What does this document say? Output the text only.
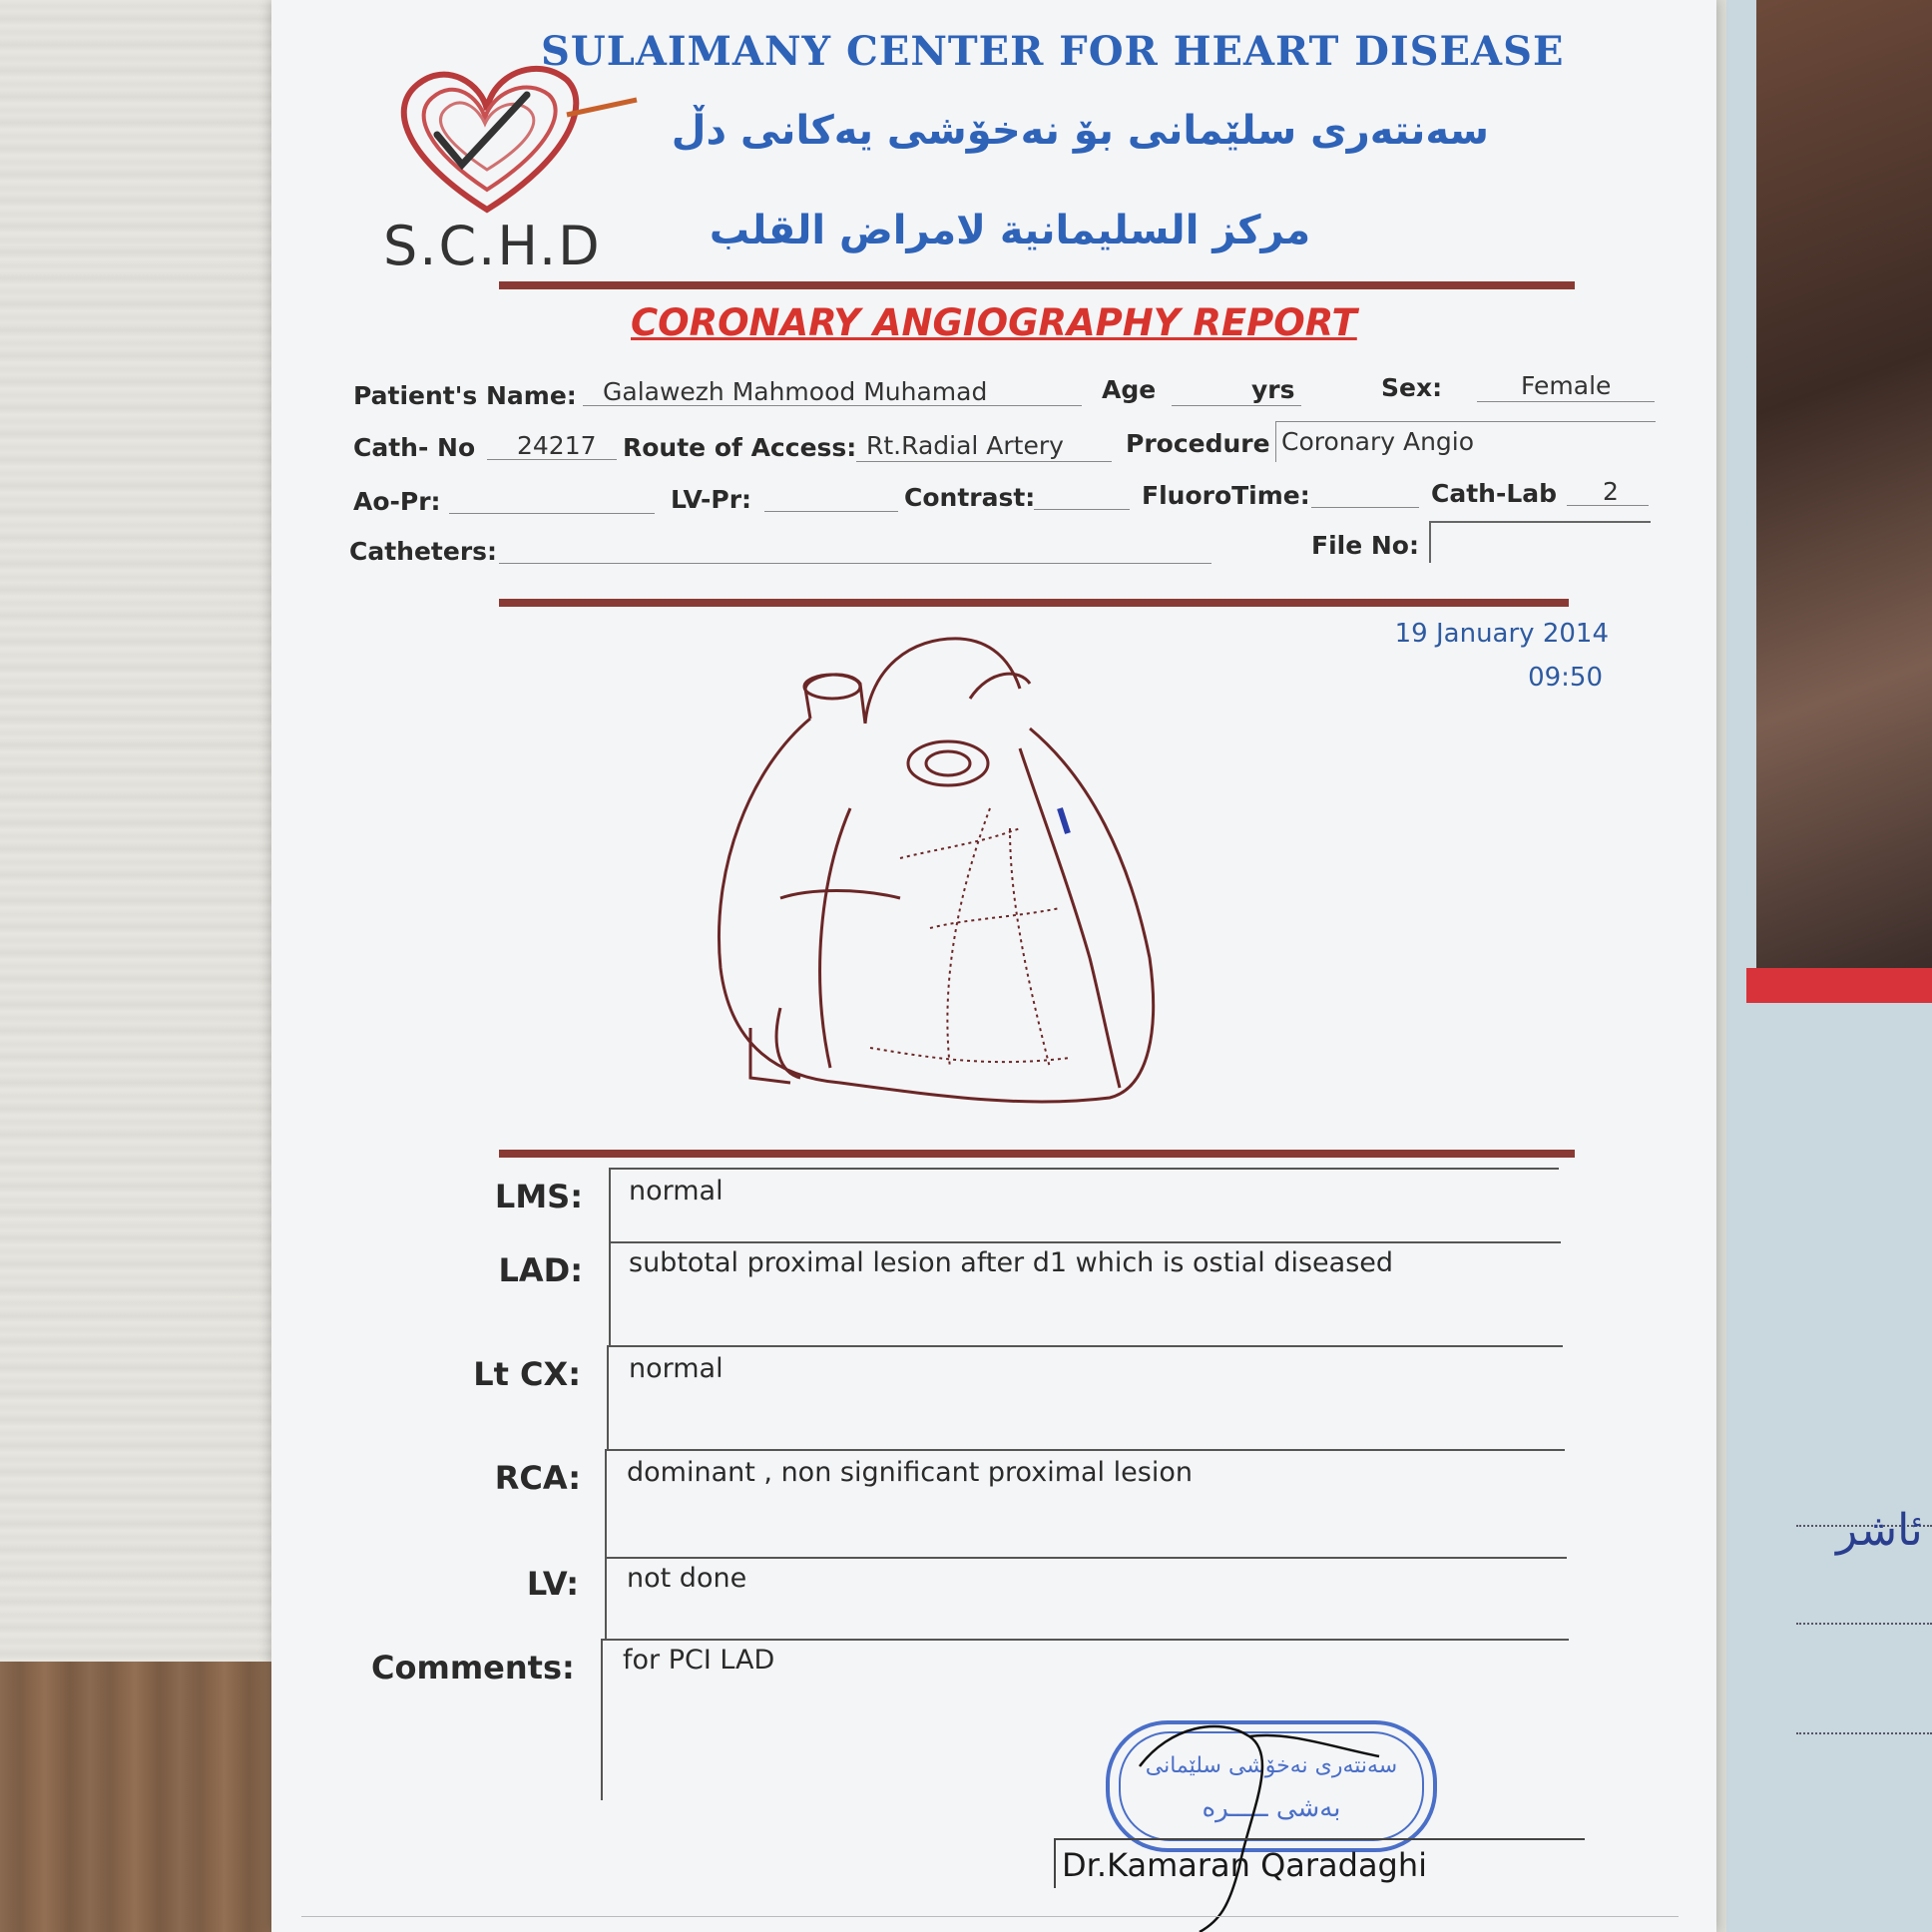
ئاشر
S.C.H.D
SULAIMANY CENTER FOR HEART DISEASE
سەنتەری سلێمانی بۆ نەخۆشی یەکانی دڵ
مركز السليمانية لامراض القلب
CORONARY ANGIOGRAPHY REPORT
Patient's Name: Galawezh Mahmood Muhamad	Age	yrs	Sex:	Female
Cath- No 24217 Route of Access: Rt.Radial Artery Procedure Coronary Angio
Ao-Pr:	LV-Pr:	Contrast:	FluoroTime:	Cath-Lab 2
Catheters:	File No:
19 January 2014
09:50
LMS: normal
LAD: subtotal proximal lesion after d1 which is ostial diseased
Lt CX: normal
RCA: dominant , non significant proximal lesion
LV: not done
Comments: for PCI LAD
سەنتەری نەخۆشی سلێمانی
بەشی ـــــره
Dr.Kamaran Qaradaghi
